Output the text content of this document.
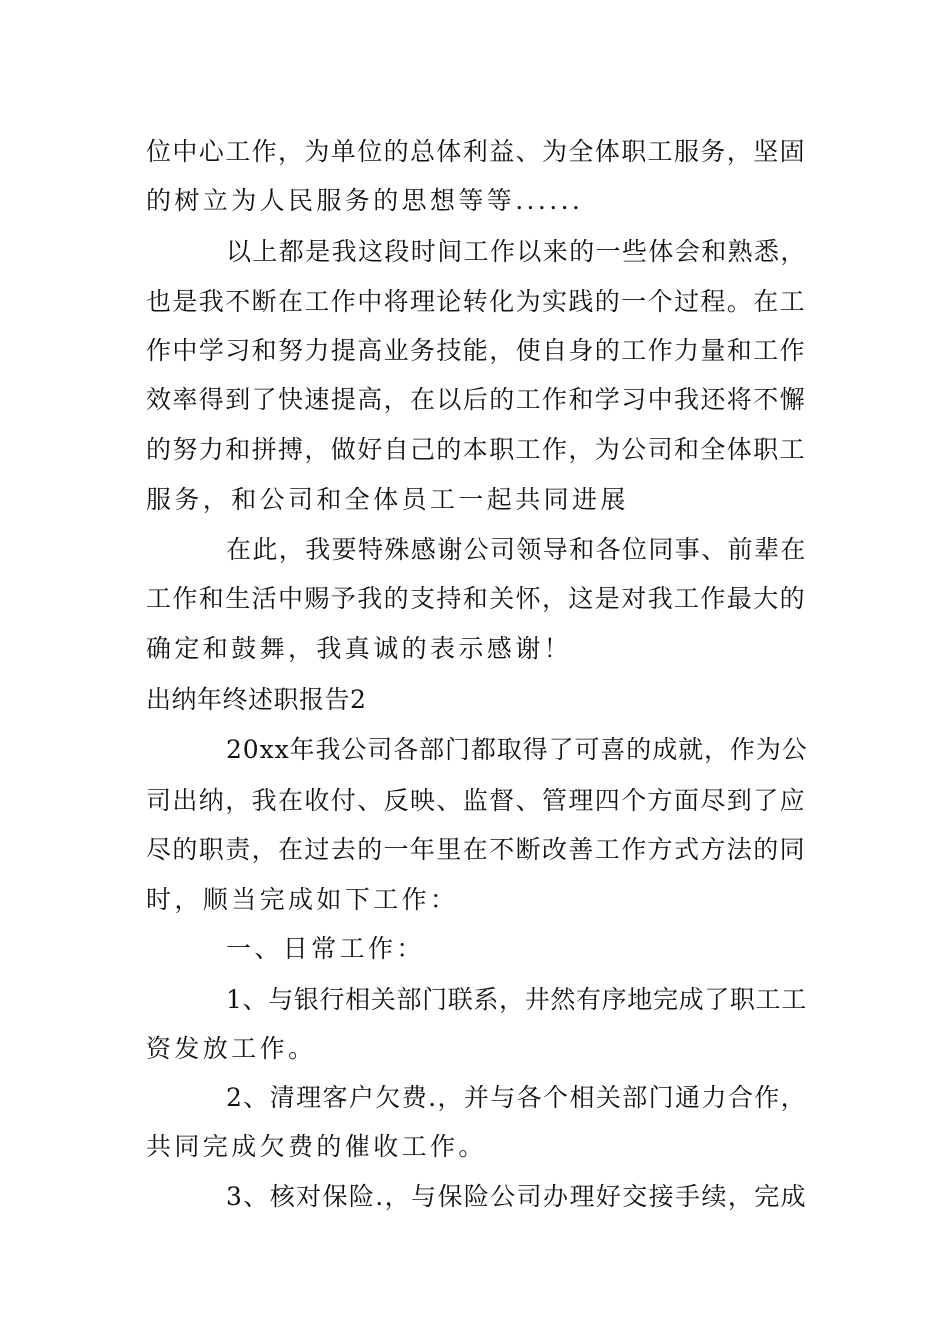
位中心工作，为单位的总体利益、为全体职工服务，坚固
的树立为人民服务的思想等等......
以上都是我这段时间工作以来的一些体会和熟悉，
也是我不断在工作中将理论转化为实践的一个过程。在工
作中学习和努力提高业务技能，使自身的工作力量和工作
效率得到了快速提高，在以后的工作和学习中我还将不懈
的努力和拼搏，做好自己的本职工作，为公司和全体职工
服务，和公司和全体员工一起共同进展
在此，我要特殊感谢公司领导和各位同事、前辈在
工作和生活中赐予我的支持和关怀，这是对我工作最大的
确定和鼓舞，我真诚的表示感谢！
出纳年终述职报告2
20xx年我公司各部门都取得了可喜的成就，作为公
司出纳，我在收付、反映、监督、管理四个方面尽到了应
尽的职责，在过去的一年里在不断改善工作方式方法的同
时，顺当完成如下工作：
一、日常工作：
1、与银行相关部门联系，井然有序地完成了职工工
资发放工作。
2、清理客户欠费.，并与各个相关部门通力合作，
共同完成欠费的催收工作。
3、核对保险.，与保险公司办理好交接手续，完成
